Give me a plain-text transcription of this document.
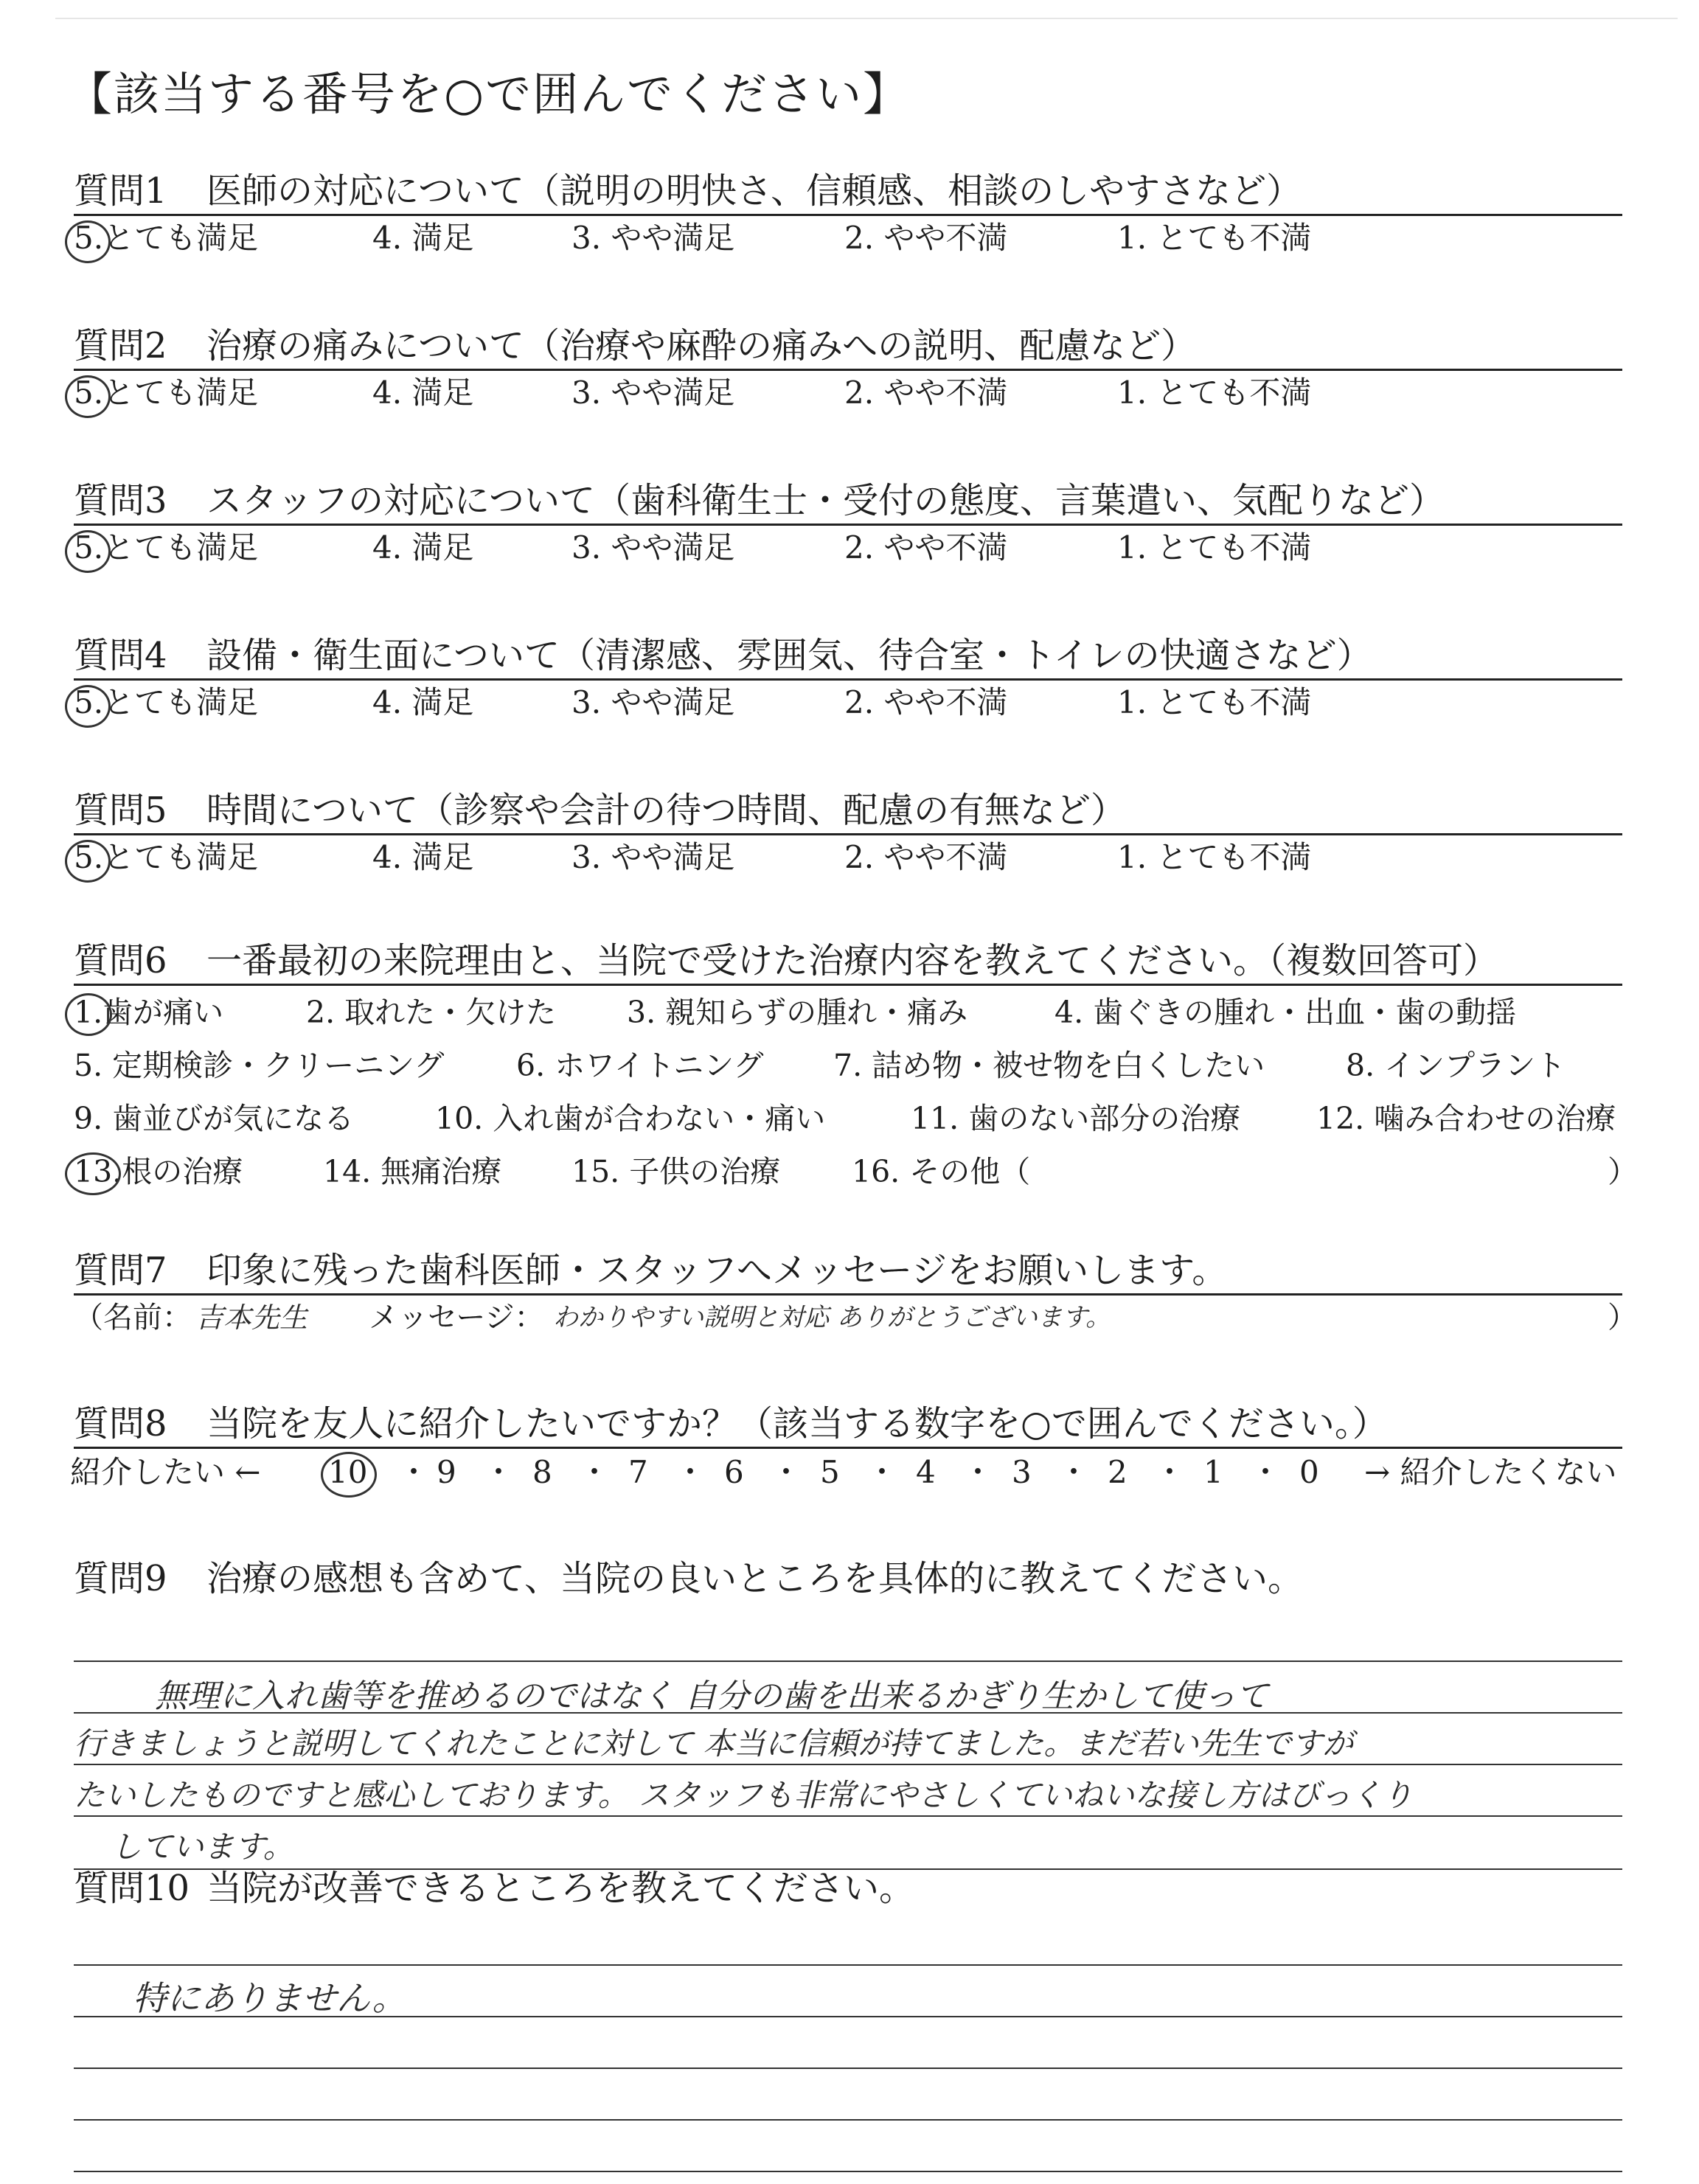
【該当する番号を○で囲んでください】
質問1 医師の対応について（説明の明快さ、信頼感、相談のしやすさなど）
5.とても満足	4. 満足	3. やや満足	2. やや不満	1. とても不満
質問2 治療の痛みについて（治療や麻酔の痛みへの説明、配慮など）
5.とても満足	4. 満足	3. やや満足	2. やや不満	1. とても不満
質問3 スタッフの対応について（歯科衛生士・受付の態度、言葉遣い、気配りなど）
5.とても満足	4. 満足	3. やや満足	2. やや不満	1. とても不満
質問4 設備・衛生面について（清潔感、雰囲気、待合室・トイレの快適さなど）
5.とても満足	4. 満足	3. やや満足	2. やや不満	1. とても不満
質問5 時間について（診察や会計の待つ時間、配慮の有無など）
5.とても満足	4. 満足	3. やや満足	2. やや不満	1. とても不満
質問6 一番最初の来院理由と、当院で受けた治療内容を教えてください。（複数回答可）
1.歯が痛い	2. 取れた・欠けた 3. 親知らずの腫れ・痛み	4. 歯ぐきの腫れ・出血・歯の動揺
5. 定期検診・クリーニング 6. ホワイトニング 7. 詰め物・被せ物を白くしたい	8. インプラント
9. 歯並びが気になる	10. 入れ歯が合わない・痛い	11. 歯のない部分の治療	12. 噛み合わせの治療
13.根の治療	14. 無痛治療 15. 子供の治療 16. その他（	）
質問7 印象に残った歯科医師・スタッフへメッセージをお願いします。
（名前： 吉本先生 メッセージ： わかりやすい説明と対応 ありがとうございます。	）
質問8 当院を友人に紹介したいですか？（該当する数字を○で囲んでください。）
紹介したい ← 10 ・ 9 ・ 8 ・ 7 ・ 6 ・ 5 ・ 4 ・ 3 ・ 2 ・ 1 ・ 0 → 紹介したくない
質問9 治療の感想も含めて、当院の良いところを具体的に教えてください。
無理に入れ歯等を推めるのではなく 自分の歯を出来るかぎり生かして使って
行きましょうと説明してくれたことに対して 本当に信頼が持てました。まだ若い先生ですが
たいしたものですと感心しております。 スタッフも非常にやさしくていねいな接し方はびっくり
しています。
質問10 当院が改善できるところを教えてください。
特にありません。
